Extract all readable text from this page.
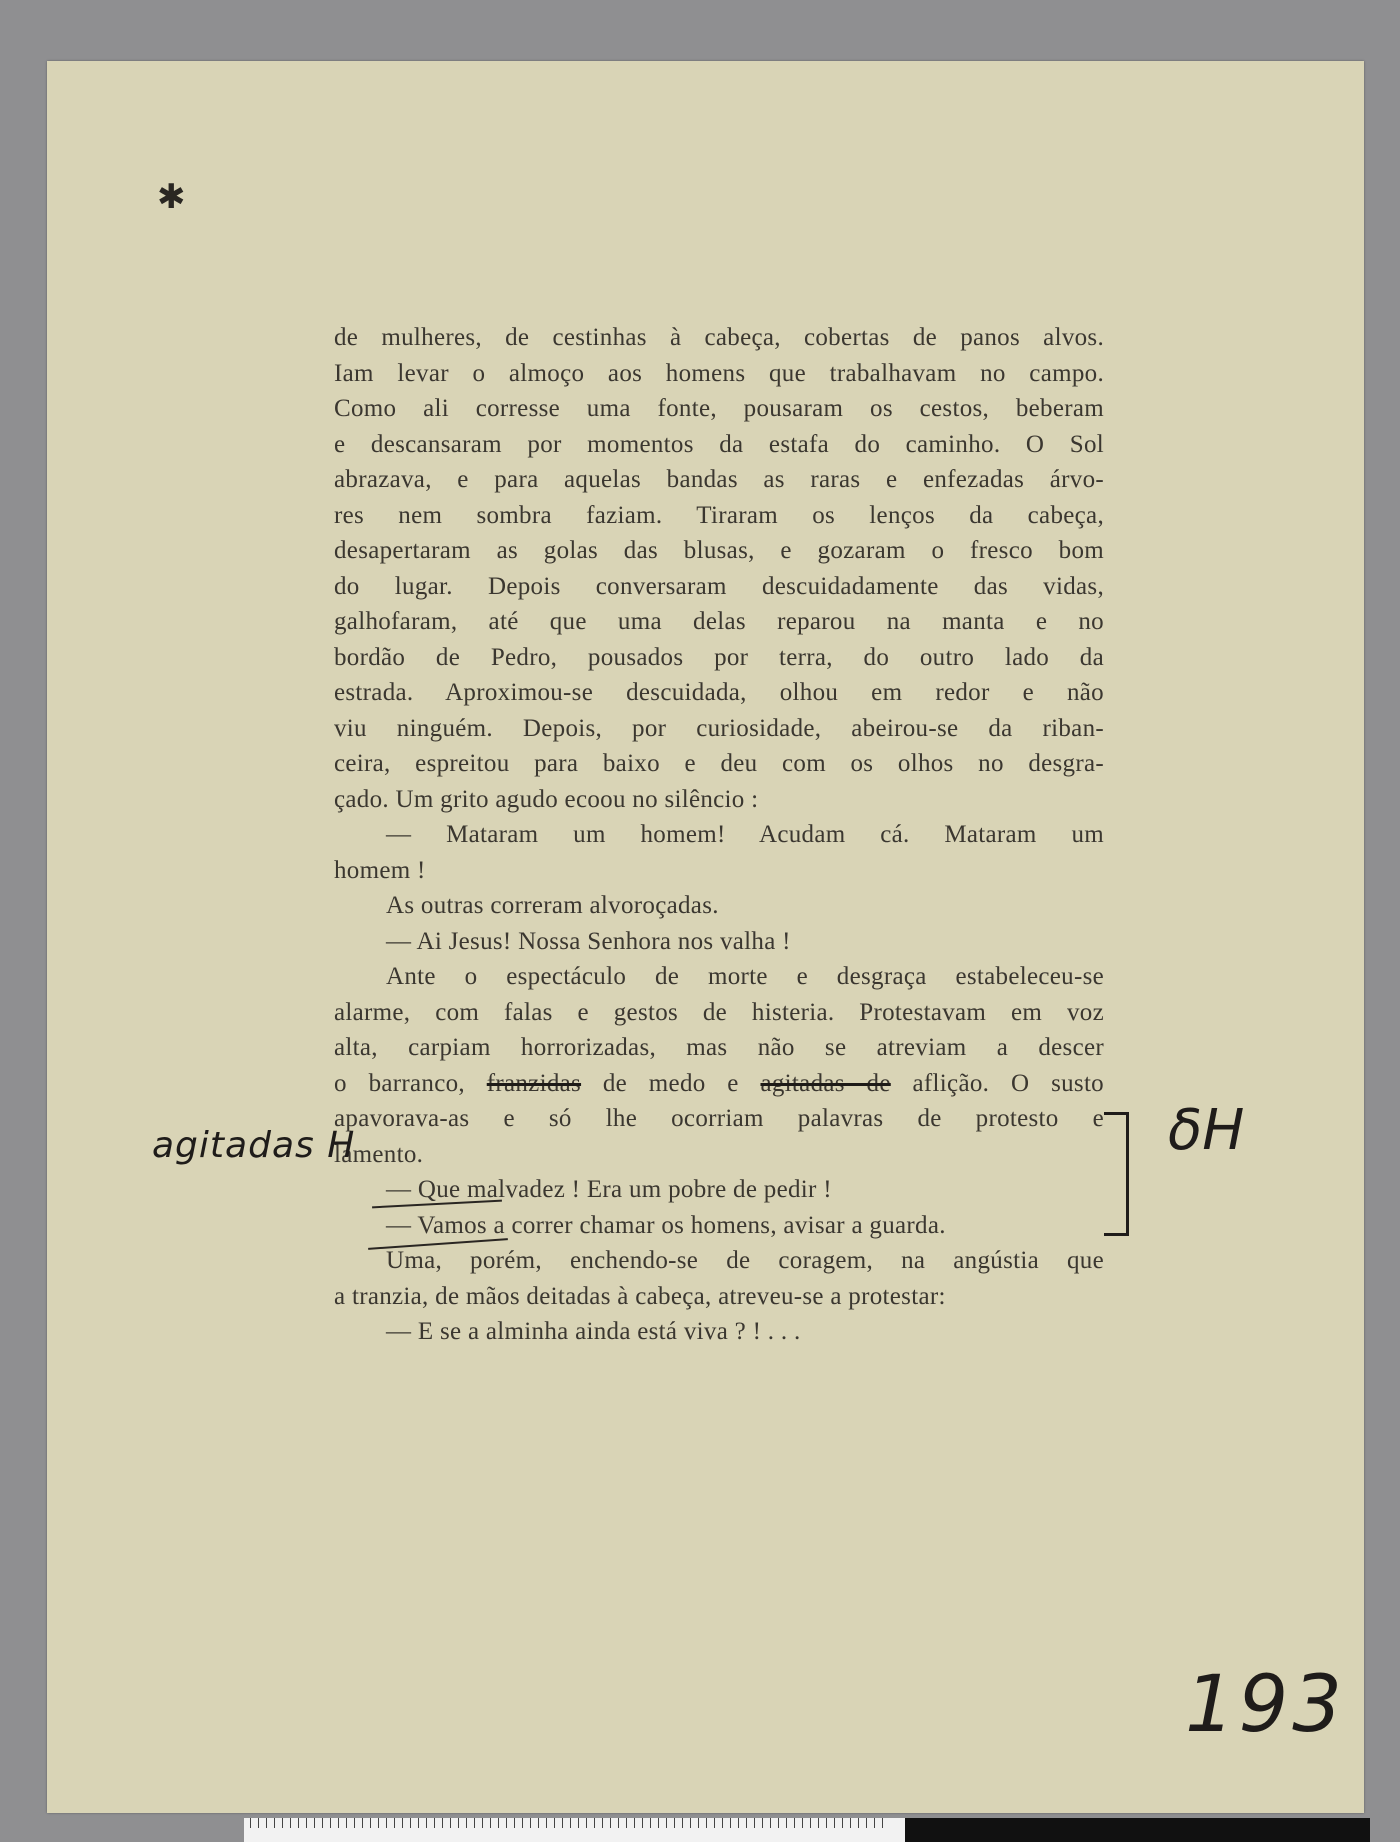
✱
de mulheres, de cestinhas à cabeça, cobertas de panos alvos.
Iam levar o almoço aos homens que trabalhavam no campo.
Como ali corresse uma fonte, pousaram os cestos, beberam
e descansaram por momentos da estafa do caminho. O Sol
abrazava, e para aquelas bandas as raras e enfezadas árvo-
res nem sombra faziam. Tiraram os lenços da cabeça,
desapertaram as golas das blusas, e gozaram o fresco bom
do lugar. Depois conversaram descuidadamente das vidas,
galhofaram, até que uma delas reparou na manta e no
bordão de Pedro, pousados por terra, do outro lado da
estrada. Aproximou-se descuidada, olhou em redor e não
viu ninguém. Depois, por curiosidade, abeirou-se da riban-
ceira, espreitou para baixo e deu com os olhos no desgra-
çado. Um grito agudo ecoou no silêncio :
— Mataram um homem! Acudam cá. Mataram um
homem !
As outras correram alvoroçadas.
— Ai Jesus! Nossa Senhora nos valha !
Ante o espectáculo de morte e desgraça estabeleceu-se
alarme, com falas e gestos de histeria. Protestavam em voz
alta, carpiam horrorizadas, mas não se atreviam a descer
o barranco, franzidas de medo e agitadas de aflição. O susto
apavorava-as e só lhe ocorriam palavras de protesto e
lamento.
— Que malvadez ! Era um pobre de pedir !
— Vamos a correr chamar os homens, avisar a guarda.
Uma, porém, enchendo-se de coragem, na angústia que
a tranzia, de mãos deitadas à cabeça, atreveu-se a protestar:
— E se a alminha ainda está viva ? ! . . .
agitadas H	δH
193
